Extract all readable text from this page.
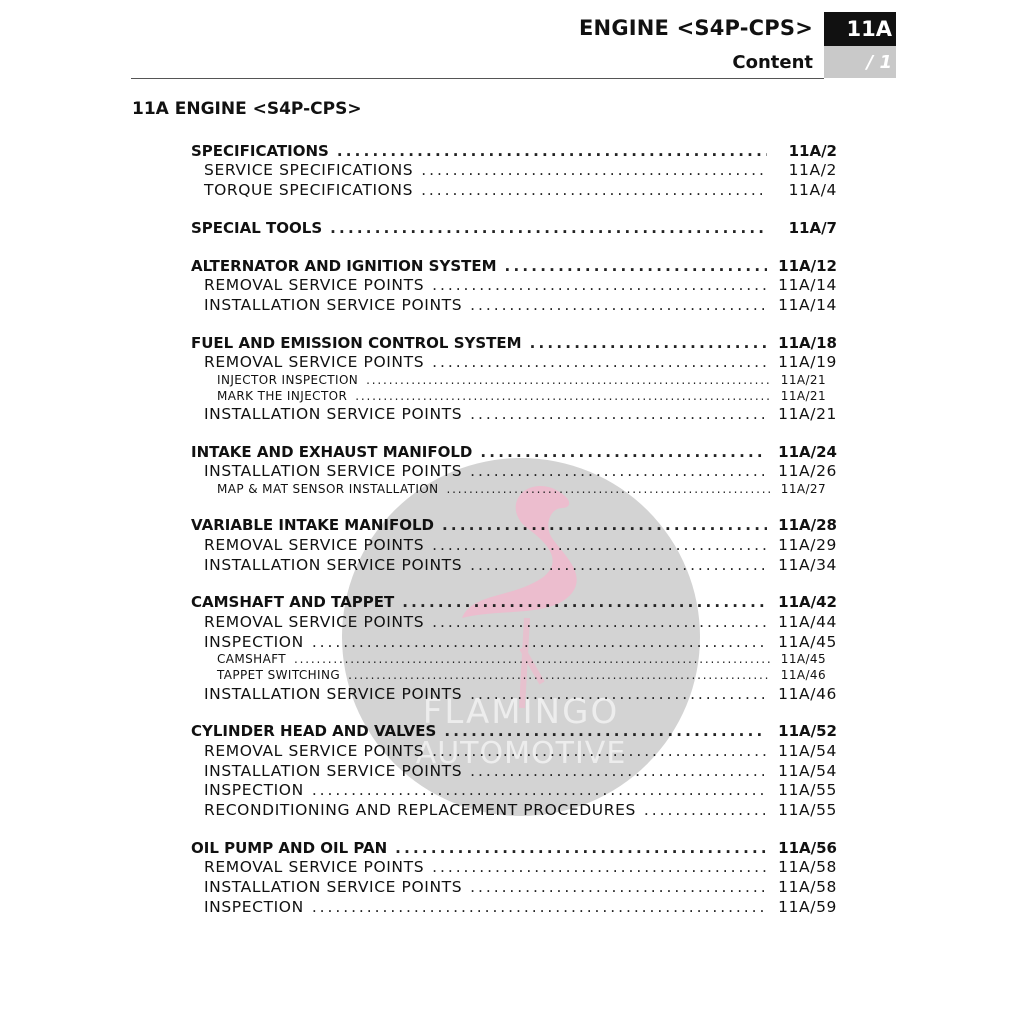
ENGINE <S4P-CPS>
Content
11A
/ 1
FLAMINGO
AUTOMOTIVE
11A ENGINE <S4P-CPS>
SPECIFICATIONS . . .	11A/2
SERVICE SPECIFICATIONS . . .	11A/2
TORQUE SPECIFICATIONS . . .	11A/4
SPECIAL TOOLS . . .	11A/7
ALTERNATOR AND IGNITION SYSTEM . . .	11A/12
REMOVAL SERVICE POINTS . . .	11A/14
INSTALLATION SERVICE POINTS . . .	11A/14
FUEL AND EMISSION CONTROL SYSTEM . . .	11A/18
REMOVAL SERVICE POINTS . . .	11A/19
INJECTOR INSPECTION . . .	11A/21
MARK THE INJECTOR . . .	11A/21
INSTALLATION SERVICE POINTS . . .	11A/21
INTAKE AND EXHAUST MANIFOLD . . .	11A/24
INSTALLATION SERVICE POINTS . . .	11A/26
MAP & MAT SENSOR INSTALLATION . . .	11A/27
VARIABLE INTAKE MANIFOLD . . .	11A/28
REMOVAL SERVICE POINTS . . .	11A/29
INSTALLATION SERVICE POINTS . . .	11A/34
CAMSHAFT AND TAPPET . . .	11A/42
REMOVAL SERVICE POINTS . . .	11A/44
INSPECTION . . .	11A/45
CAMSHAFT . . .	11A/45
TAPPET SWITCHING . . .	11A/46
INSTALLATION SERVICE POINTS . . .	11A/46
CYLINDER HEAD AND VALVES . . .	11A/52
REMOVAL SERVICE POINTS . . .	11A/54
INSTALLATION SERVICE POINTS . . .	11A/54
INSPECTION . . .	11A/55
RECONDITIONING AND REPLACEMENT PROCEDURES . . .	11A/55
OIL PUMP AND OIL PAN . . .	11A/56
REMOVAL SERVICE POINTS . . .	11A/58
INSTALLATION SERVICE POINTS . . .	11A/58
INSPECTION . . .	11A/59
